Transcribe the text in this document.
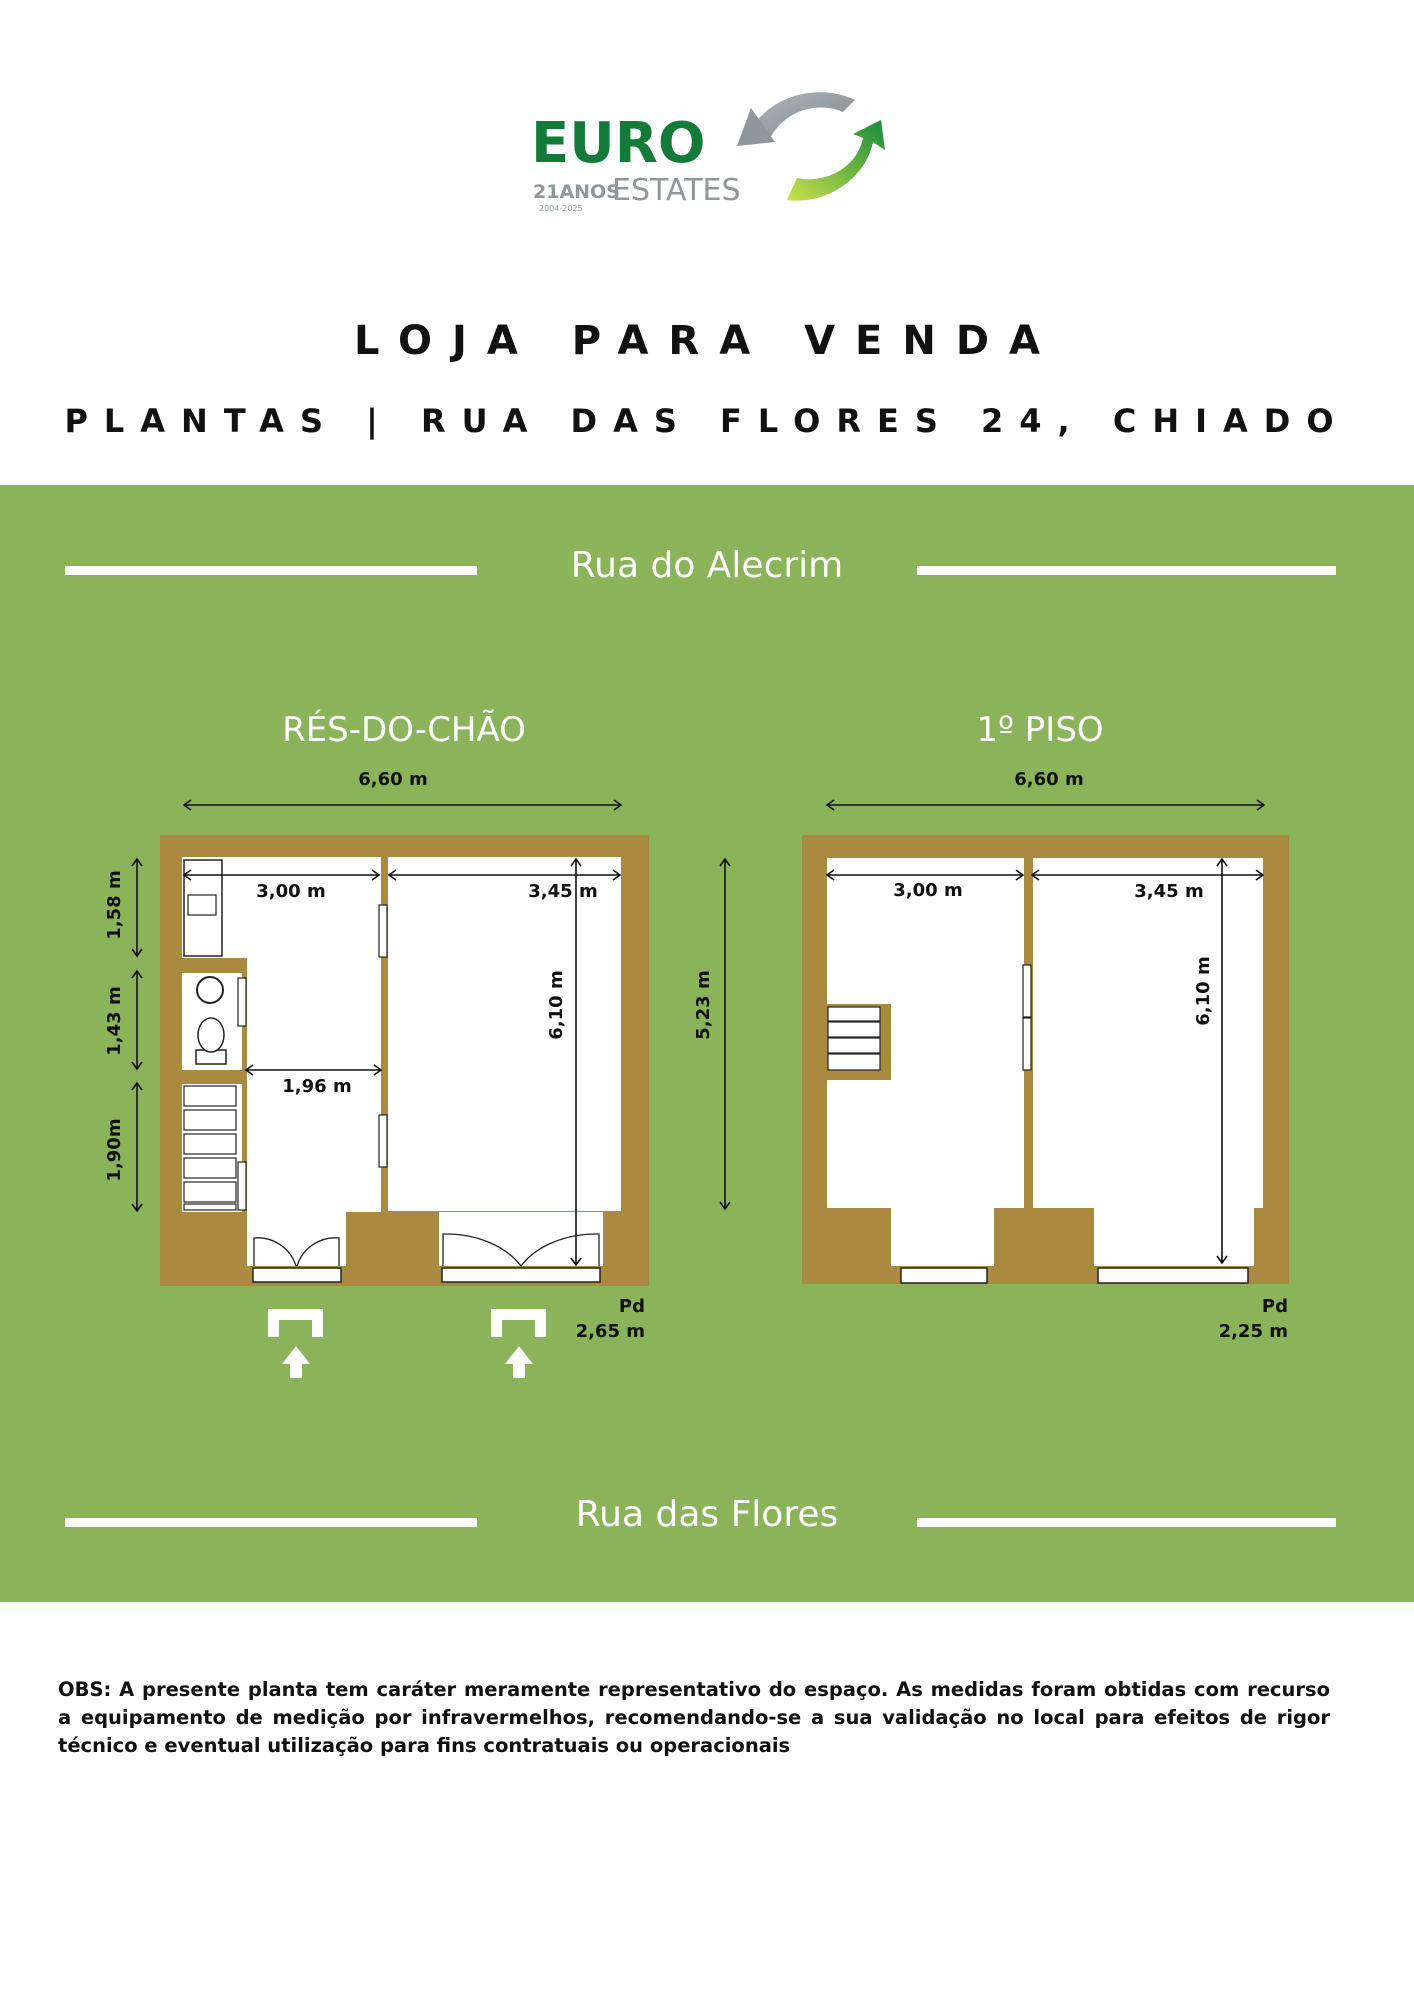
EURO
21ANOS
2004-2025
ESTATES
LOJA PARA VENDA
PLANTAS | RUA DAS FLORES 24, CHIADO
Rua do Alecrim
Rua das Flores
RÉS-DO-CHÃO
6,60 m
3,00 m	3,45 m
1,96 m
6,10 m
1,58 m
1,43 m
1,90m
Pd
2,65 m
1º PISO
6,60 m
3,00 m	3,45 m
6,10 m
5,23 m
Pd
2,25 m
OBS: A presente planta tem caráter meramente representativo do espaço. As medidas foram obtidas com recurso a equipamento de medição por infravermelhos, recomendando-se a sua validação no local para efeitos de rigor técnico e eventual utilização para fins contratuais ou operacionais
